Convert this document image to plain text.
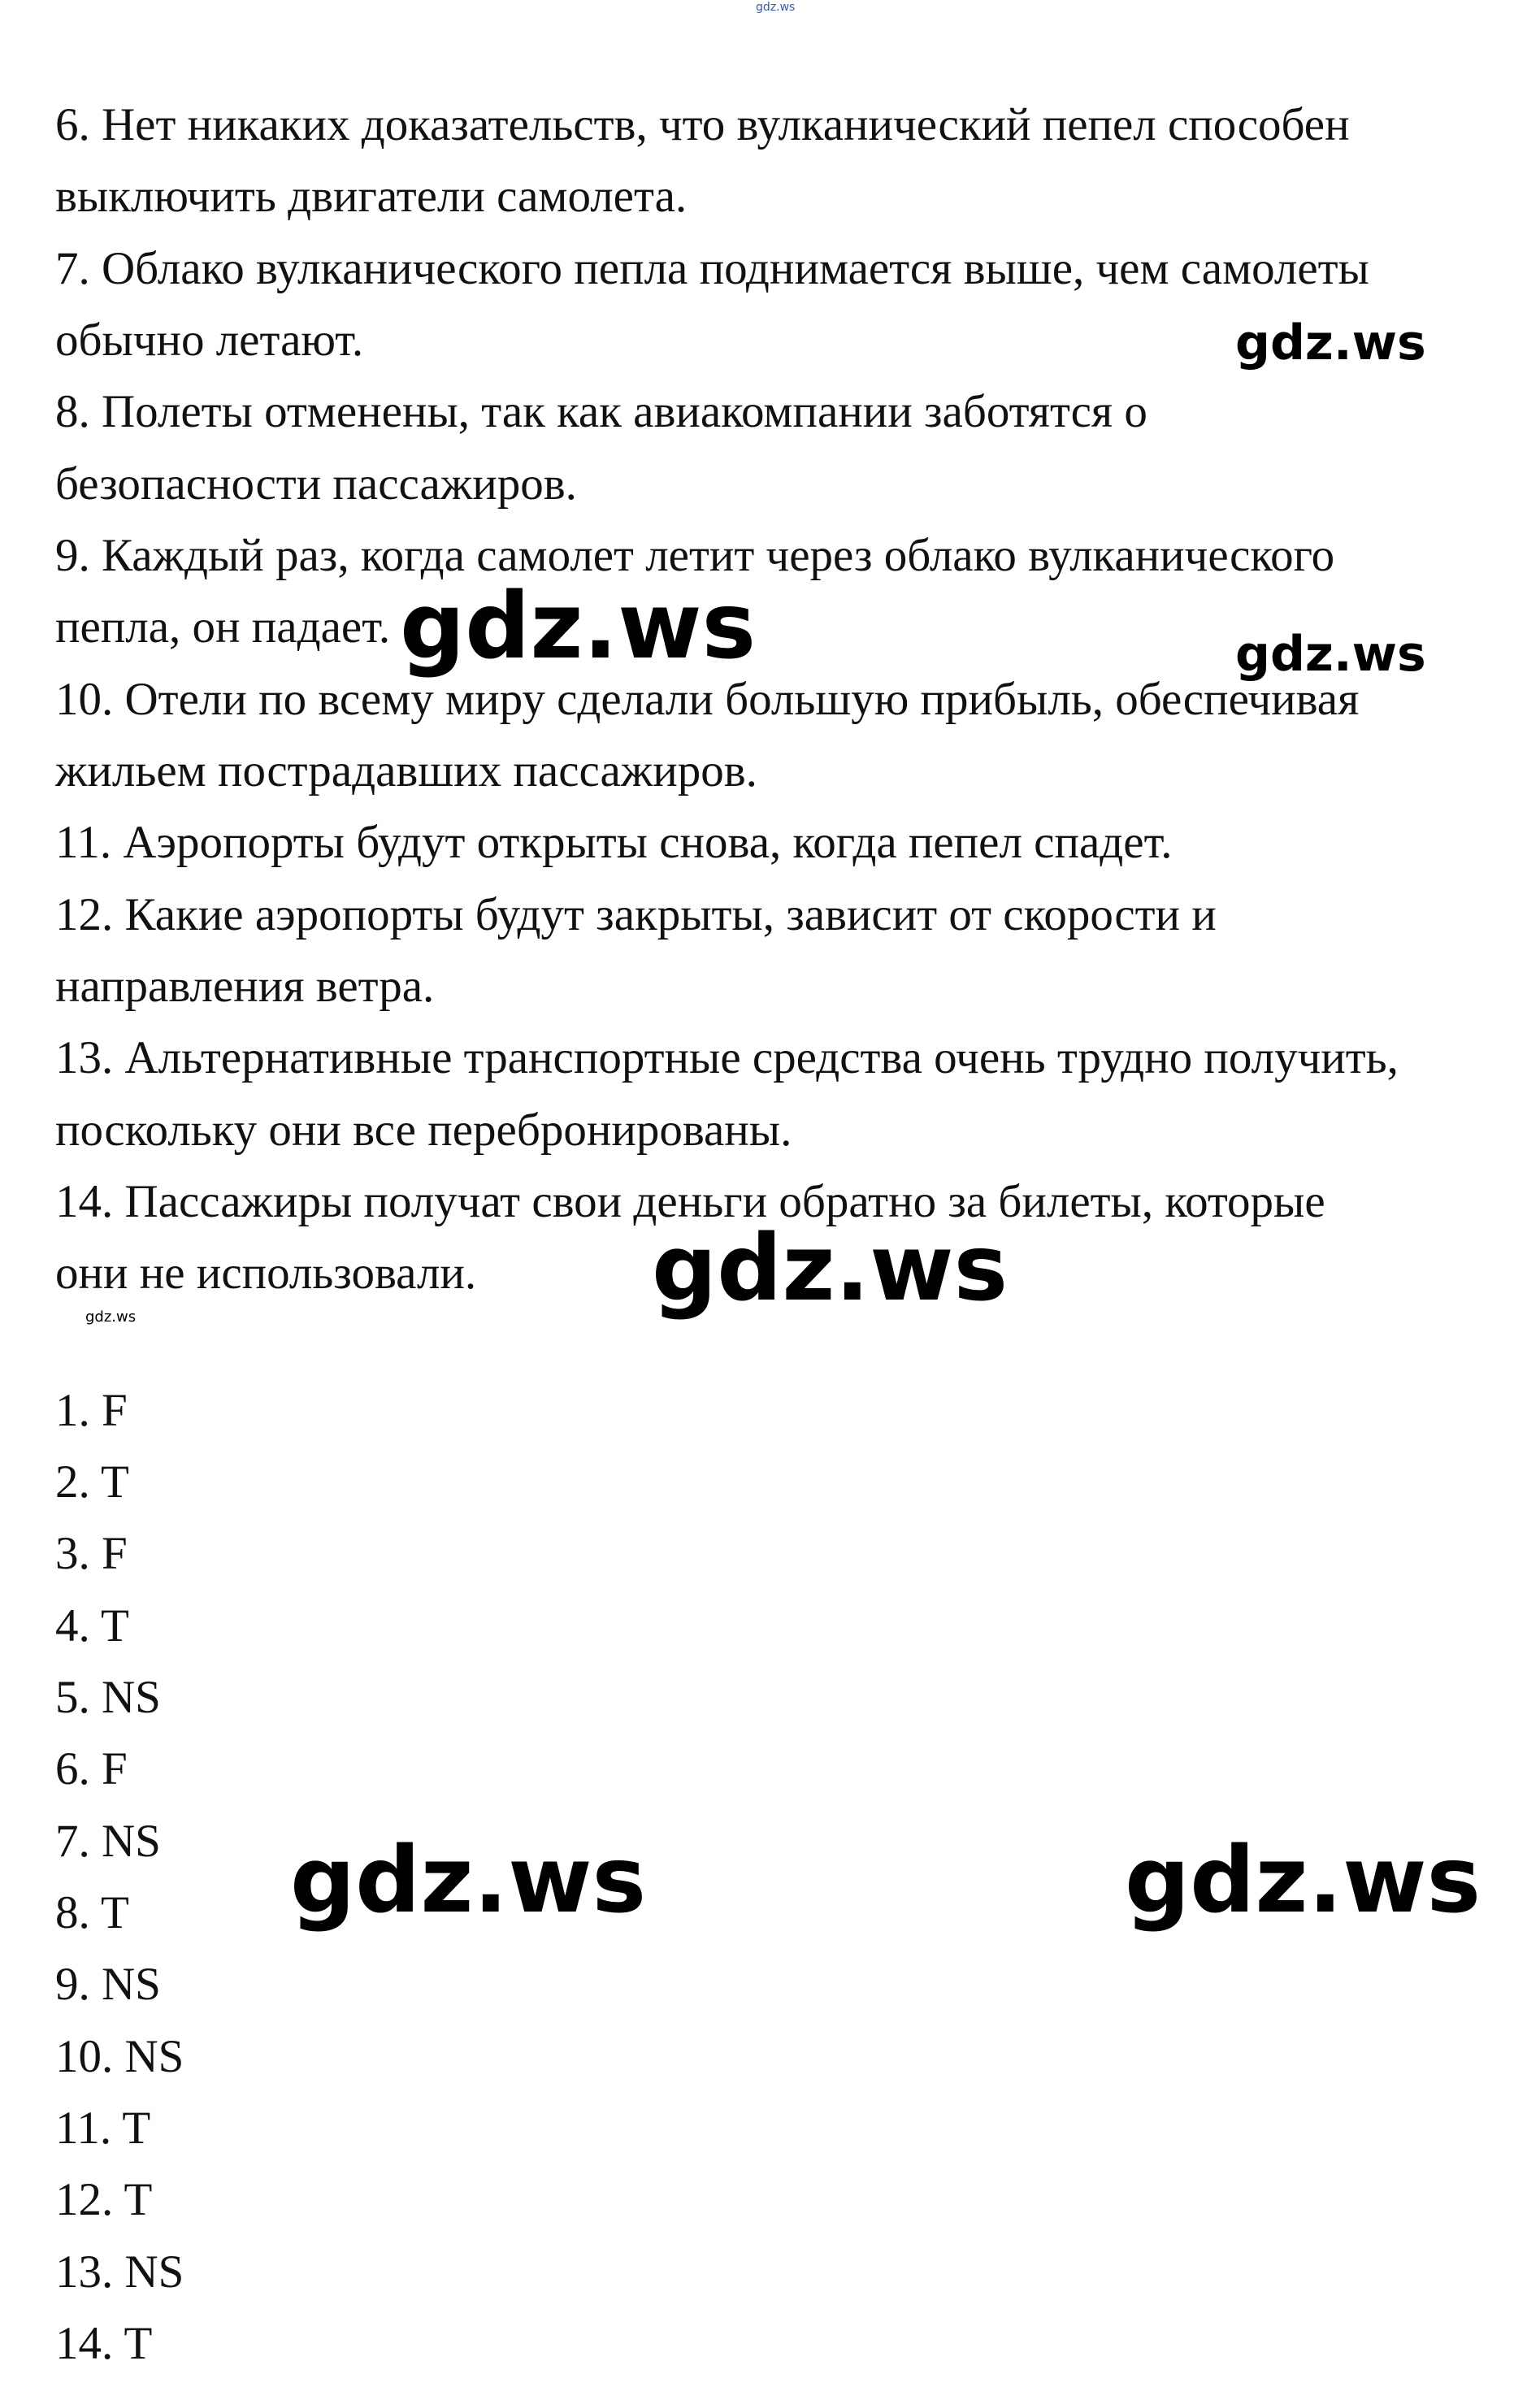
gdz.ws

6. Нет никаких доказательств, что вулканический пепел способен

выключить двигатели самолета.

7. Облако вулканического пепла поднимается выше, чем самолеты

обычно летают.

8. Полеты отменены, так как авиакомпании заботятся о

безопасности пассажиров.

9. Каждый раз, когда самолет летит через облако вулканического

пепла, он падает.

10. Отели по всему миру сделали большую прибыль, обеспечивая

жильем пострадавших пассажиров.

11. Аэропорты будут открыты снова, когда пепел спадет.

12. Какие аэропорты будут закрыты, зависит от скорости и

направления ветра.

13. Альтернативные транспортные средства очень трудно получить,

поскольку они все перебронированы.

14. Пассажиры получат свои деньги обратно за билеты, которые

они не использовали.

1. F

2. T

3. F

4. T

5. NS

6. F

7. NS

8. T

9. NS

10. NS

11. T

12. T

13. NS

14. T

gdz.ws

gdz.ws	gdz.ws

gdz.ws

gdz.ws

gdz.ws	gdz.ws
